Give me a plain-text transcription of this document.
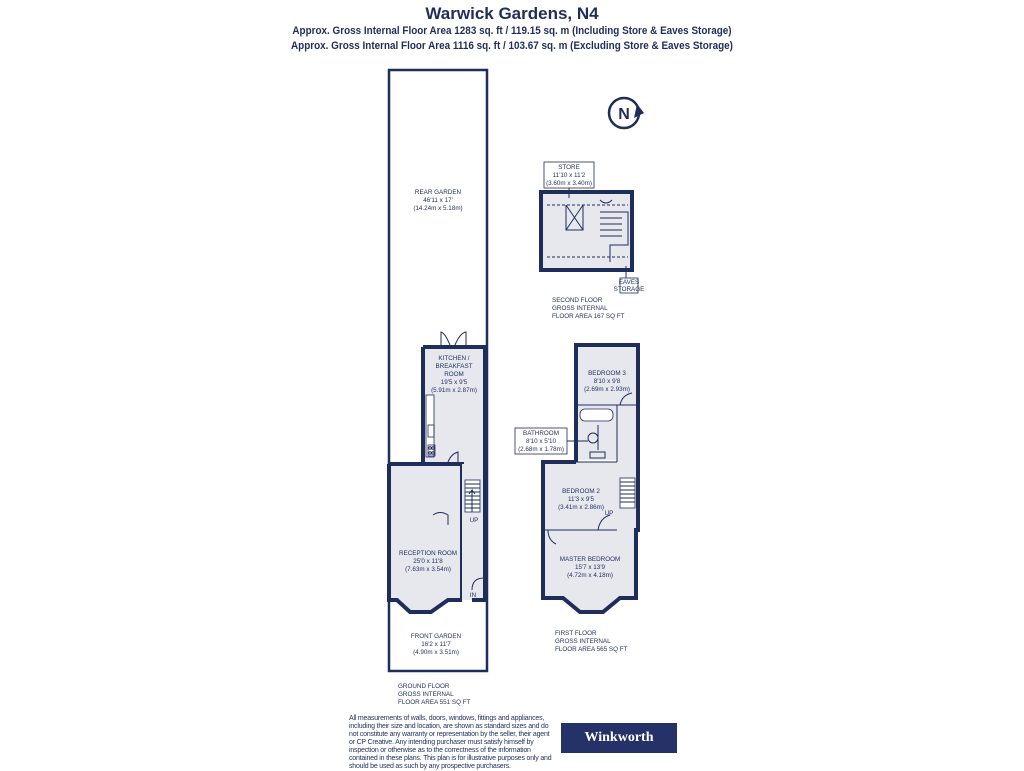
Warwick Gardens, N4
Approx. Gross Internal Floor Area 1283 sq. ft / 119.15 sq. m (Including Store & Eaves Storage)
Approx. Gross Internal Floor Area 1116 sq. ft / 103.67 sq. m (Excluding Store & Eaves Storage)
REAR GARDEN
46'11 x 17'
(14.24m x 5.18m)
KITCHEN /
BREAKFAST
ROOM
19'5 x 9'5
(5.91m x 2.87m)
RECEPTION ROOM
25'0 x 11'8
(7.63m x 3.54m)
FRONT GARDEN
16'2 x 11'7
(4.90m x 3.51m)
UP
IN
GROUND FLOOR
GROSS INTERNAL
FLOOR AREA 551 SQ FT
N
STORE
11'10 x 11'2
(3.60m x 3.40m)
EAVES
STORAGE
SECOND FLOOR
GROSS INTERNAL
FLOOR AREA 167 SQ FT
BEDROOM 3
8'10 x 9'8
(2.69m x 2.93m)
BATHROOM
8'10 x 5'10
(2.68m x 1.78m)
BEDROOM 2
11'3 x 9'5
(3.41m x 2.86m)
MASTER BEDROOM
15'7 x 13'9
(4.72m x 4.18m)
UP
FIRST FLOOR
GROSS INTERNAL
FLOOR AREA 565 SQ FT
All measurements of walls, doors, windows, fittings and appliances, including their size and location, are shown as standard sizes and do not constitute any warranty or representation by the seller, their agent or CP Creative. Any intending purchaser must satisfy himself by inspection or otherwise as to the correctness of the information contained in these plans. This plan is for illustrative purposes only and should be used as such by any prospective purchasers.
Winkworth
